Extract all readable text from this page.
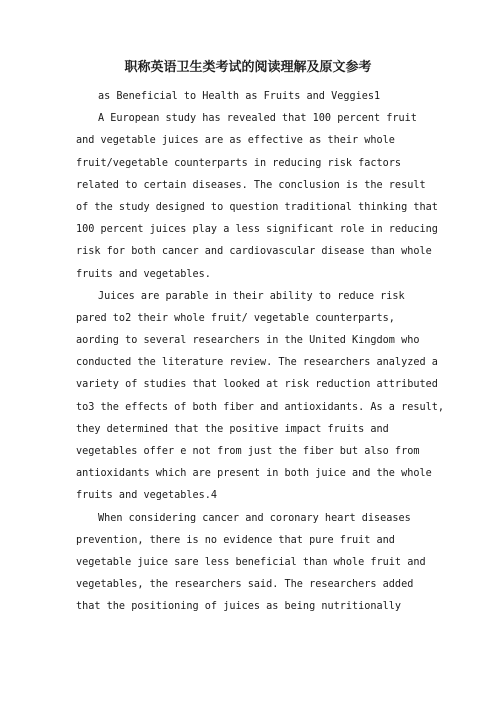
职称英语卫生类考试的阅读理解及原文参考
as Beneficial to Health as Fruits and Veggies1
A European study has revealed that 100 percent fruit
and vegetable juices are as effective as their whole
fruit/vegetable counterparts in reducing risk factors
related to certain diseases. The conclusion is the result
of the study designed to question traditional thinking that
100 percent juices play a less significant role in reducing
risk for both cancer and cardiovascular disease than whole
fruits and vegetables.
Juices are parable in their ability to reduce risk
pared to2 their whole fruit/ vegetable counterparts,
aording to several researchers in the United Kingdom who
conducted the literature review. The researchers analyzed a
variety of studies that looked at risk reduction attributed
to3 the effects of both fiber and antioxidants. As a result,
they determined that the positive impact fruits and
vegetables offer e not from just the fiber but also from
antioxidants which are present in both juice and the whole
fruits and vegetables.4
When considering cancer and coronary heart diseases
prevention, there is no evidence that pure fruit and
vegetable juice sare less beneficial than whole fruit and
vegetables, the researchers said. The researchers added
that the positioning of juices as being nutritionally
